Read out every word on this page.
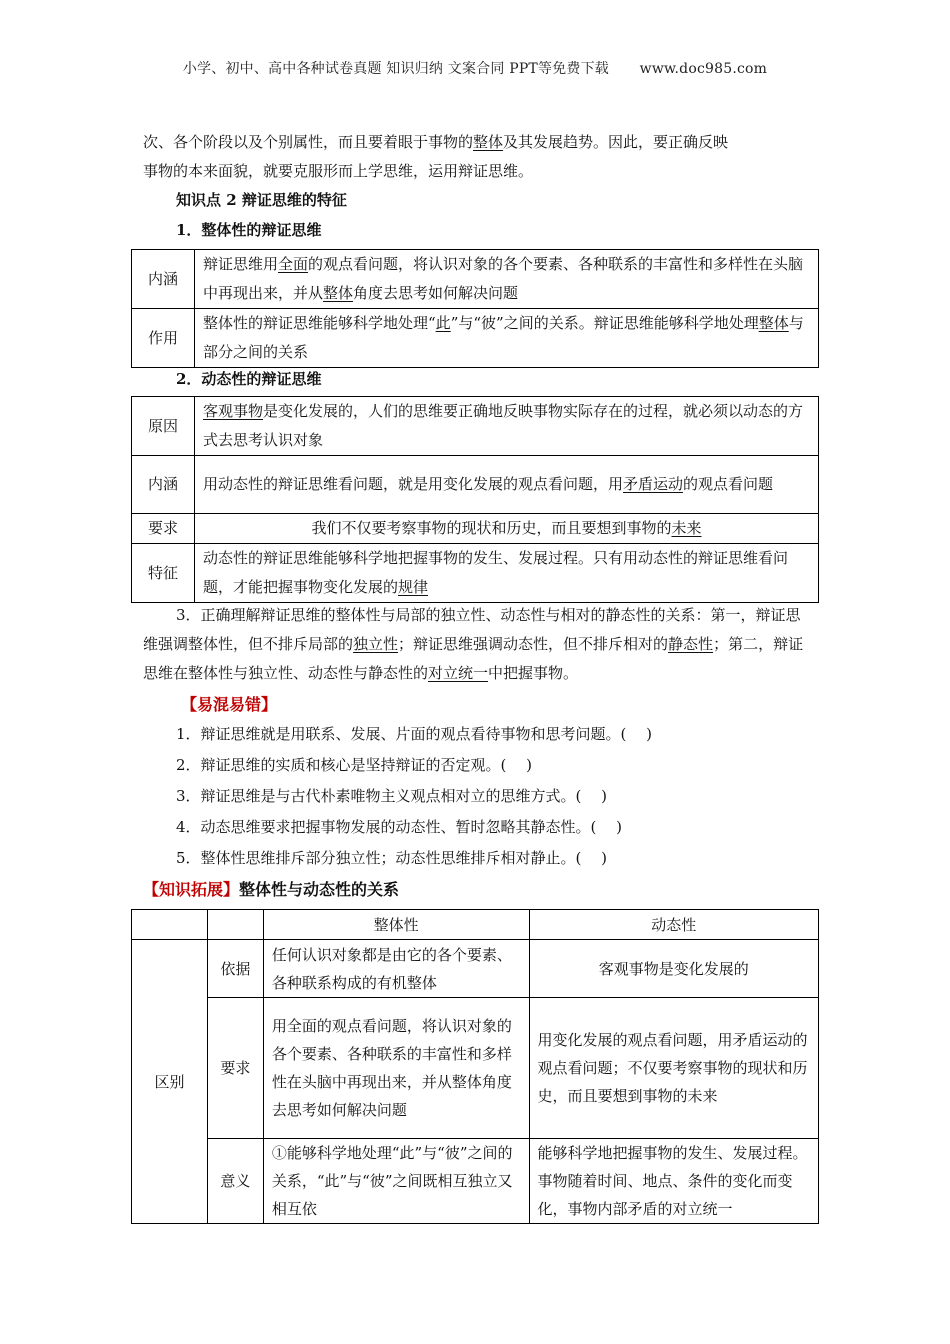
小学、初中、高中各种试卷真题 知识归纳 文案合同 PPT等免费下载 www.doc985.com
次、各个阶段以及个别属性，而且要着眼于事物的整体及其发展趋势。因此，要正确反映
事物的本来面貌，就要克服形而上学思维，运用辩证思维。
知识点 2 辩证思维的特征
1．整体性的辩证思维
内涵	辩证思维用全面的观点看问题，将认识对象的各个要素、各种联系的丰富性和多样性在头脑中再现出来，并从整体角度去思考如何解决问题
作用	整体性的辩证思维能够科学地处理“此”与“彼”之间的关系。辩证思维能够科学地处理整体与部分之间的关系
2．动态性的辩证思维
原因	客观事物是变化发展的，人们的思维要正确地反映事物实际存在的过程，就必须以动态的方式去思考认识对象
内涵	用动态性的辩证思维看问题，就是用变化发展的观点看问题，用矛盾运动的观点看问题
要求	我们不仅要考察事物的现状和历史，而且要想到事物的未来
特征	动态性的辩证思维能够科学地把握事物的发生、发展过程。只有用动态性的辩证思维看问题，才能把握事物变化发展的规律
3．正确理解辩证思维的整体性与局部的独立性、动态性与相对的静态性的关系：第一，辩证思维强调整体性，但不排斥局部的独立性；辩证思维强调动态性，但不排斥相对的静态性；第二，辩证思维在整体性与独立性、动态性与静态性的对立统一中把握事物。
【易混易错】
1．辩证思维就是用联系、发展、片面的观点看待事物和思考问题。(　 )
2．辩证思维的实质和核心是坚持辩证的否定观。(　 )
3．辩证思维是与古代朴素唯物主义观点相对立的思维方式。(　 )
4．动态思维要求把握事物发展的动态性、暂时忽略其静态性。(　 )
5．整体性思维排斥部分独立性；动态性思维排斥相对静止。(　 )
【知识拓展】整体性与动态性的关系
		整体性	动态性
区别	依据	任何认识对象都是由它的各个要素、各种联系构成的有机整体	客观事物是变化发展的
	要求	用全面的观点看问题，将认识对象的各个要素、各种联系的丰富性和多样性在头脑中再现出来，并从整体角度去思考如何解决问题	用变化发展的观点看问题，用矛盾运动的观点看问题；不仅要考察事物的现状和历史，而且要想到事物的未来
	意义	①能够科学地处理“此”与“彼”之间的关系，“此”与“彼”之间既相互独立又相互依	能够科学地把握事物的发生、发展过程。事物随着时间、地点、条件的变化而变化，事物内部矛盾的对立统一
